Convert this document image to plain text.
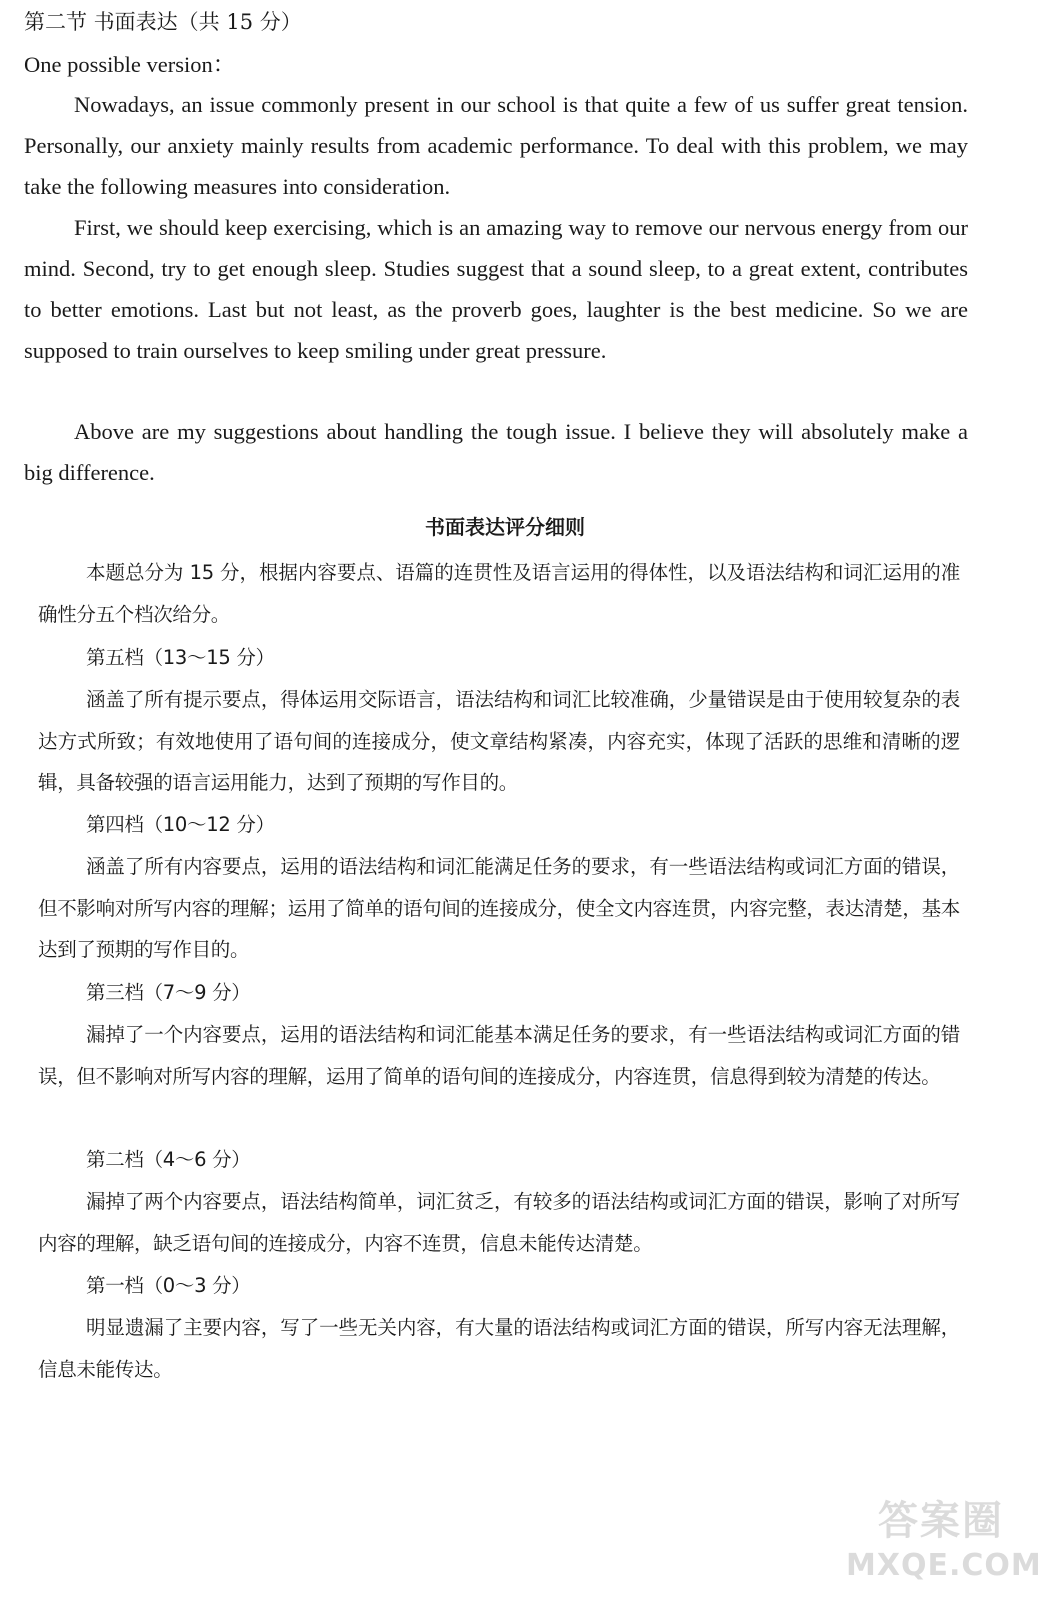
第二节 书面表达（共 15 分）

One possible version：

Nowadays, an issue commonly present in our school is that quite a few of us suffer great tension. Personally, our anxiety mainly results from academic performance. To deal with this problem, we may take the following measures into consideration.

First, we should keep exercising, which is an amazing way to remove our nervous energy from our mind. Second, try to get enough sleep. Studies suggest that a sound sleep, to a great extent, contributes to better emotions. Last but not least, as the proverb goes, laughter is the best medicine. So we are supposed to train ourselves to keep smiling under great pressure.

Above are my suggestions about handling the tough issue. I believe they will absolutely make a big difference.

书面表达评分细则

本题总分为 15 分，根据内容要点、语篇的连贯性及语言运用的得体性，以及语法结构和词汇运用的准确性分五个档次给分。

第五档（13～15 分）

涵盖了所有提示要点，得体运用交际语言，语法结构和词汇比较准确，少量错误是由于使用较复杂的表达方式所致；有效地使用了语句间的连接成分，使文章结构紧凑，内容充实，体现了活跃的思维和清晰的逻辑，具备较强的语言运用能力，达到了预期的写作目的。

第四档（10～12 分）

涵盖了所有内容要点，运用的语法结构和词汇能满足任务的要求，有一些语法结构或词汇方面的错误，但不影响对所写内容的理解；运用了简单的语句间的连接成分，使全文内容连贯，内容完整，表达清楚，基本达到了预期的写作目的。

第三档（7～9 分）

漏掉了一个内容要点，运用的语法结构和词汇能基本满足任务的要求，有一些语法结构或词汇方面的错误，但不影响对所写内容的理解，运用了简单的语句间的连接成分，内容连贯，信息得到较为清楚的传达。

第二档（4～6 分）

漏掉了两个内容要点，语法结构简单，词汇贫乏，有较多的语法结构或词汇方面的错误，影响了对所写内容的理解，缺乏语句间的连接成分，内容不连贯，信息未能传达清楚。

第一档（0～3 分）

明显遗漏了主要内容，写了一些无关内容，有大量的语法结构或词汇方面的错误，所写内容无法理解，信息未能传达。

答案圈
MXQE.COM
